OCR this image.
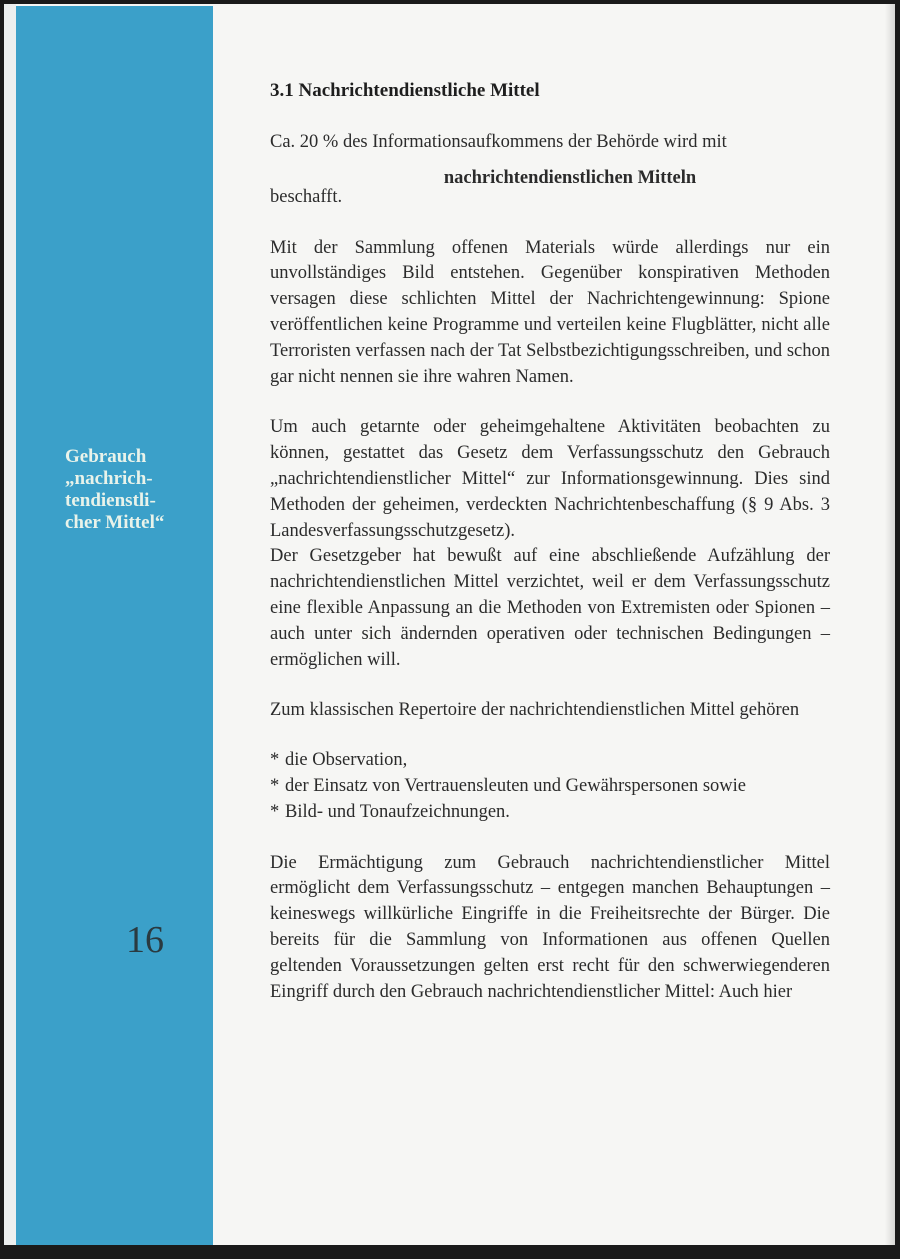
Gebrauch
„nachrich-
tendienstli-
cher Mittel“

16
3.1 Nachrichtendienstliche Mittel

Ca. 20 % des Informationsaufkommens der Behörde wird mit
nachrichtendienstlichen Mitteln

beschafft.

Mit der Sammlung offenen Materials würde allerdings nur ein unvollständiges Bild entstehen. Gegenüber konspirativen Methoden versagen diese schlichten Mittel der Nachrichtengewinnung: Spione veröffentlichen keine Programme und verteilen keine Flugblätter, nicht alle Terroristen verfassen nach der Tat Selbstbezichtigungsschreiben, und schon gar nicht nennen sie ihre wahren Namen.

Um auch getarnte oder geheimgehaltene Aktivitäten beobachten zu können, gestattet das Gesetz dem Verfassungsschutz den Gebrauch „nachrichtendienstlicher Mittel“ zur Informationsgewinnung. Dies sind Methoden der geheimen, verdeckten Nachrichtenbeschaffung (§ 9 Abs. 3 Landesverfassungsschutzgesetz).

Der Gesetzgeber hat bewußt auf eine abschließende Aufzählung der nachrichtendienstlichen Mittel verzichtet, weil er dem Verfassungsschutz eine flexible Anpassung an die Methoden von Extremisten oder Spionen – auch unter sich ändernden operativen oder technischen Bedingungen – ermöglichen will.

Zum klassischen Repertoire der nachrichtendienstlichen Mittel gehören

* die Observation,
* der Einsatz von Vertrauensleuten und Gewährspersonen sowie
* Bild- und Tonaufzeichnungen.

Die Ermächtigung zum Gebrauch nachrichtendienstlicher Mittel ermöglicht dem Verfassungsschutz – entgegen manchen Behauptungen – keineswegs willkürliche Eingriffe in die Freiheitsrechte der Bürger. Die bereits für die Sammlung von Informationen aus offenen Quellen geltenden Voraussetzungen gelten erst recht für den schwerwiegenderen Eingriff durch den Gebrauch nachrichtendienstlicher Mittel: Auch hier
